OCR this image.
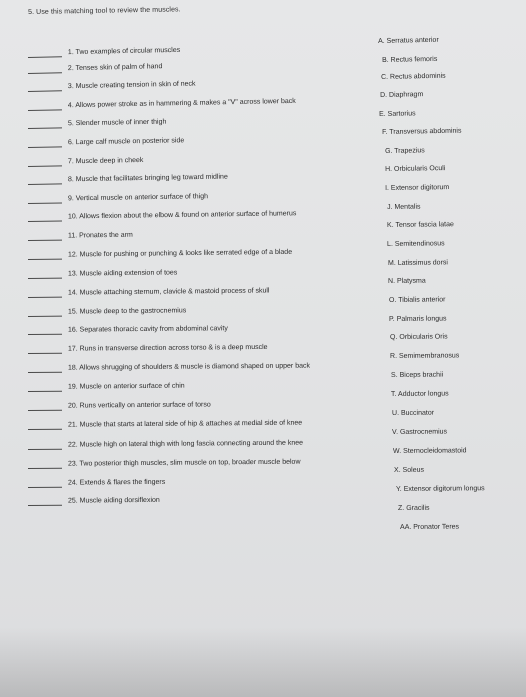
5. Use this matching tool to review the muscles.
1. Two examples of circular muscles
2. Tenses skin of palm of hand
3. Muscle creating tension in skin of neck
4. Allows power stroke as in hammering & makes a "V" across lower back
5. Slender muscle of inner thigh
6. Large calf muscle on posterior side
7. Muscle deep in cheek
8. Muscle that facilitates bringing leg toward midline
9. Vertical muscle on anterior surface of thigh
10. Allows flexion about the elbow & found on anterior surface of humerus
11. Pronates the arm
12. Muscle for pushing or punching & looks like serrated edge of a blade
13. Muscle aiding extension of toes
14. Muscle attaching sternum, clavicle & mastoid process of skull
15. Muscle deep to the gastrocnemius
16. Separates thoracic cavity from abdominal cavity
17. Runs in transverse direction across torso & is a deep muscle
18. Allows shrugging of shoulders & muscle is diamond shaped on upper back
19. Muscle on anterior surface of chin
20. Runs vertically on anterior surface of torso
21. Muscle that starts at lateral side of hip & attaches at medial side of knee
22. Muscle high on lateral thigh with long fascia connecting around the knee
23. Two posterior thigh muscles, slim muscle on top, broader muscle below
24. Extends & flares the fingers
25. Muscle aiding dorsiflexion
A. Serratus anterior
B. Rectus femoris
C. Rectus abdominis
D. Diaphragm
E. Sartorius
F. Transversus abdominis
G. Trapezius
H. Orbicularis Oculi
I. Extensor digitorum
J. Mentalis
K. Tensor fascia latae
L. Semitendinosus
M. Latissimus dorsi
N. Platysma
O. Tibialis anterior
P. Palmaris longus
Q. Orbicularis Oris
R. Semimembranosus
S. Biceps brachii
T. Adductor longus
U. Buccinator
V. Gastrocnemius
W. Sternocleidomastoid
X. Soleus
Y. Extensor digitorum longus
Z. Gracilis
AA. Pronator Teres
